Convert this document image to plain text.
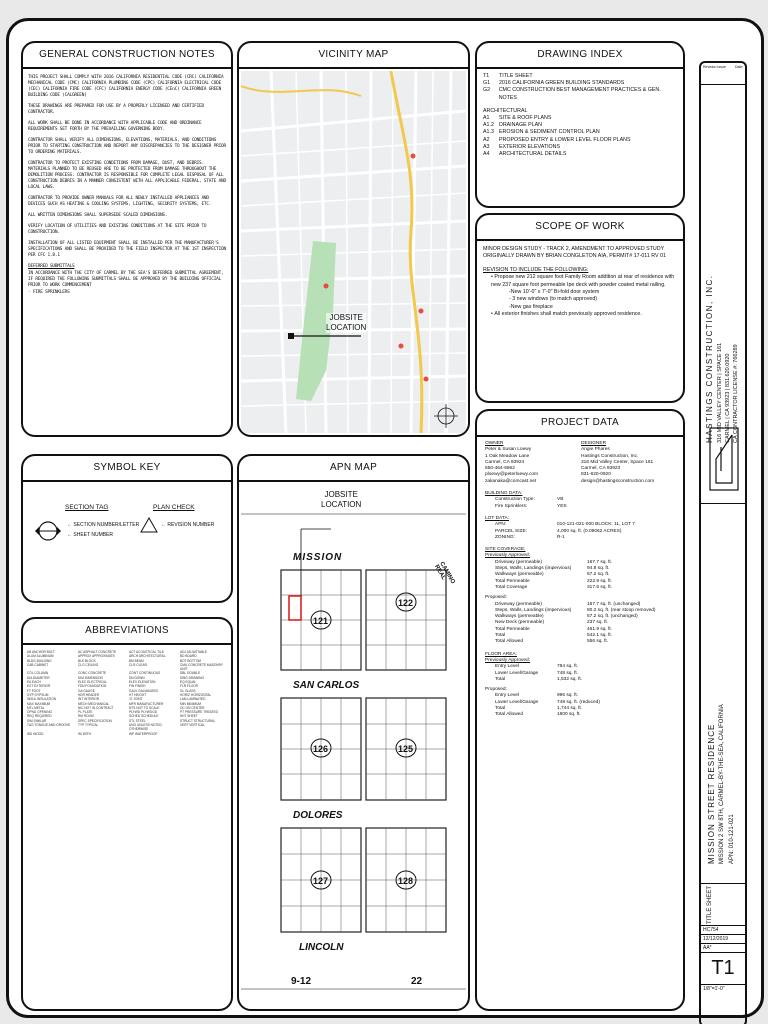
GENERAL CONSTRUCTION NOTES

THIS PROJECT SHALL COMPLY WITH 2016 CALIFORNIA RESIDENTIAL CODE (CRC) CALIFORNIA MECHANICAL CODE (CMC) CALIFORNIA PLUMBING CODE (CPC) CALIFORNIA ELECTRICAL CODE (CEC) CALIFORNIA FIRE CODE (CFC) CALIFORNIA ENERGY CODE (CEnC) CALIFORNIA GREEN BUILDING CODE (CALGREEN)

THESE DRAWINGS ARE PREPARED FOR USE BY A PROPERLY LICENSED AND CERTIFIED CONTRACTOR.

ALL WORK SHALL BE DONE IN ACCORDANCE WITH APPLICABLE CODE AND ORDINANCE REQUIREMENTS SET FORTH BY THE PREVAILING GOVERNING BODY.

CONTRACTOR SHALL VERIFY ALL DIMENSIONS, ELEVATIONS, MATERIALS, AND CONDITIONS PRIOR TO STARTING CONSTRUCTION AND REPORT ANY DISCREPANCIES TO THE DESIGNER PRIOR TO ORDERING MATERIALS.

CONTRACTOR TO PROTECT EXISTING CONDITIONS FROM DAMAGE, DUST, AND DEBRIS. MATERIALS PLANNED TO BE REUSED ARE TO BE PROTECTED FROM DAMAGE THROUGHOUT THE DEMOLITION PROCESS. CONTRACTOR IS RESPONSIBLE FOR COMPLETE LEGAL DISPOSAL OF ALL CONSTRUCTION DEBRIS IN A MANNER CONSISTENT WITH ALL APPLICABLE FEDERAL, STATE AND LOCAL LAWS.

CONTRACTOR TO PROVIDE OWNER MANUALS FOR ALL NEWLY INSTALLED APPLIANCES AND DEVICES SUCH AS HEATING & COOLING SYSTEMS, LIGHTING, SECURITY SYSTEMS, ETC.

ALL WRITTEN DIMENSIONS SHALL SUPERSEDE SCALED DIMENSIONS.

VERIFY LOCATION OF UTILITIES AND EXISTING CONDITIONS AT THE SITE PRIOR TO CONSTRUCTION.

INSTALLATION OF ALL LISTED EQUIPMENT SHALL BE INSTALLED PER THE MANUFACTURER'S SPECIFICATIONS AND SHALL BE PROVIDED TO THE FIELD INSPECTOR AT THE 1ST INSPECTION PER CFC 1.8.1

DEFERRED SUBMITTALS

IN ACCORDANCE WITH THE CITY OF CARMEL BY THE SEA'S DEFERRED SUBMITTAL AGREEMENT, IF REQUIRED THE FOLLOWING SUBMITTALS SHALL BE APPROVED BY THE BUILDING OFFICIAL PRIOR TO WORK COMMENCEMENT

- FIRE SPRINKLERS

VICINITY MAP
JOBSITE
LOCATION
DRAWING INDEX
T1	TITLE SHEET
G1	2016 CALIFORNIA GREEN BUILDING STANDARDS
G2	CMC CONSTRUCTION BEST MANAGEMENT PRACTICES & GEN. NOTES
ARCHITECTURAL
A1	SITE & ROOF PLANS
A1.2 DRAINAGE PLAN
A1.3 EROSION & SEDIMENT CONTROL PLAN
A2	PROPOSED ENTRY & LOWER LEVEL FLOOR PLANS
A3	EXTERIOR ELEVATIONS
A4	ARCHITECTURAL DETAILS
SCOPE OF WORK
MINOR DESIGN STUDY - TRACK 2, AMENDMENT TO APPROVED STUDY ORIGINALLY DRAWN BY BRIAN CONGLETON AIA, PERMIT# 17-011 RV 01
REVISION TO INCLUDE THE FOLLOWING:
• Propose new 212 square foot Family Room addition at rear of residence with new 237 square foot permeable Ipe deck with powder coated metal railing.
-New 10'-0" x 7'-0" Bi-fold door system
- 3 new windows (to match approved)
-New gas fireplace
• All exterior finishes shall match previously approved residence.
SYMBOL KEY
SECTION TAG
← SECTION NUMBER/LETTER
← SHEET NUMBER
PLAN CHECK
← REVISION NUMBER
ABBREVIATIONS
AB ANCHOR BOLT	AC ASPHALT CONCRETE	ACT ACOUSTICAL TILE	ADJ ADJUSTABLE
ALUM ALUMINUM	APPROX APPROXIMATE	ARCH ARCHITECTURAL	BD BOARD
BLDG BUILDING	BLK BLOCK	BM BEAM	BOT BOTTOM
CAB CABINET	CLG CEILING	CLR CLEAR	CMU CONCRETE MASONRY UNIT
COL COLUMN	CONC CONCRETE	CONT CONTINUOUS	DBL DOUBLE
DIA DIAMETER	DIM DIMENSION	DN DOWN	DWG DRAWING
EA EACH	ELEC ELECTRICAL	ELEV ELEVATION	EQ EQUAL
EXT EXTERIOR	FDN FOUNDATION	FIN FINISH	FLR FLOOR
FT FOOT	GA GAUGE	GALV GALVANIZED	GL GLASS
GYP GYPSUM	HDR HEADER	HT HEIGHT	HORIZ HORIZONTAL
INSUL INSULATION	INT INTERIOR	JT JOINT	LAM LAMINATED
MAX MAXIMUM	MECH MECHANICAL	MFR MANUFACTURER	MIN MINIMUM
MTL METAL	NIC NOT IN CONTRACT	NTS NOT TO SCALE	OC ON CENTER
OPNG OPENING	PL PLATE	PLYWD PLYWOOD	PT PRESSURE TREATED
REQ REQUIRED	RM ROOM	SCHED SCHEDULE	SHT SHEET
SIM SIMILAR	SPEC SPECIFICATION	STL STEEL	STRUCT STRUCTURAL
T&G TONGUE AND GROOVE	TYP TYPICAL	UNO UNLESS NOTED OTHERWISE
VERT VERTICAL
WD WOOD	W/ WITH	WP WATERPROOF
APN MAP
JOBSITE
LOCATION
MISSION
SAN CARLOS
DOLORES
LINCOLN
CAMINO REAL
121
122
126	125
127	128
9-12	22
PROJECT DATA
OWNER
Peter & Susan Loewy
1 Oak Meadow Lane
Carmel, CA 93924
650-464-6862
ploewy@peterloewy.com
zakanaka@comcast.net
DESIGNER
Angie Phares
Hastings Construction, Inc.
316 Mid Valley Center, Space 161
Carmel, CA 93923
831-620-0920
design@hastingsconstruction.com
BUILDING DATA:
Construction Type:	VB
Fire Sprinklers:	YES
LOT DATA:
APN:	010-121-021-000 BLOCK: 11, LOT 7
PARCEL SIZE:	4,000 sq. ft. (0.09062 ACRES)
ZONING:	R-1
SITE COVERAGE:
Previously Approved:
Driveway (permeable)	167.7 sq. ft.
Steps, Walls, Landings (impervious)	94.8 sq. ft.
Walkways (permeable)	57.2 sq. ft.
Total Permeable	222.9 sq. ft.
Total Coverage	317.6 sq. ft.
Proposed:
Driveway (permeable)	167.7 sq. ft. (unchanged)
Steps, Walls, Landings (impervious)	80.2 sq. ft. (rear stoop removed)
Walkways (permeable)	57.2 sq. ft. (unchanged)
New Deck (permeable)	237 sq. ft.
Total Permeable	461.9 sq. ft.
Total	542.1 sq. ft.
Total Allowed	556 sq. ft.
FLOOR AREA:
Previously Approved:
Entry Level	784 sq. ft.
Lower Level/Garage	748 sq. ft.
Total	1,532 sq. ft.
Proposed:
Entry Level	996 sq. ft.
Lower Level/Garage	748 sq. ft. (reduced)
Total	1,744 sq. ft.
Total Allowed	1800 sq. ft.
Revision Issue	Date
HASTINGS CONSTRUCTION, INC. 316 MID VALLEY CENTER | SPACE 161 CARMEL | CA 93923 | 831.620.0920 CA CONTRACTOR LICENSE #: 766289
MISSION STREET RESIDENCE MISSION 2 SW 8TH, CARMEL-BY-THE-SEA, CALIFORNIA APN: 010-121-021
TITLE SHEET
HC754
12/12/2019
AA*
T1
1/8"=1'-0"
